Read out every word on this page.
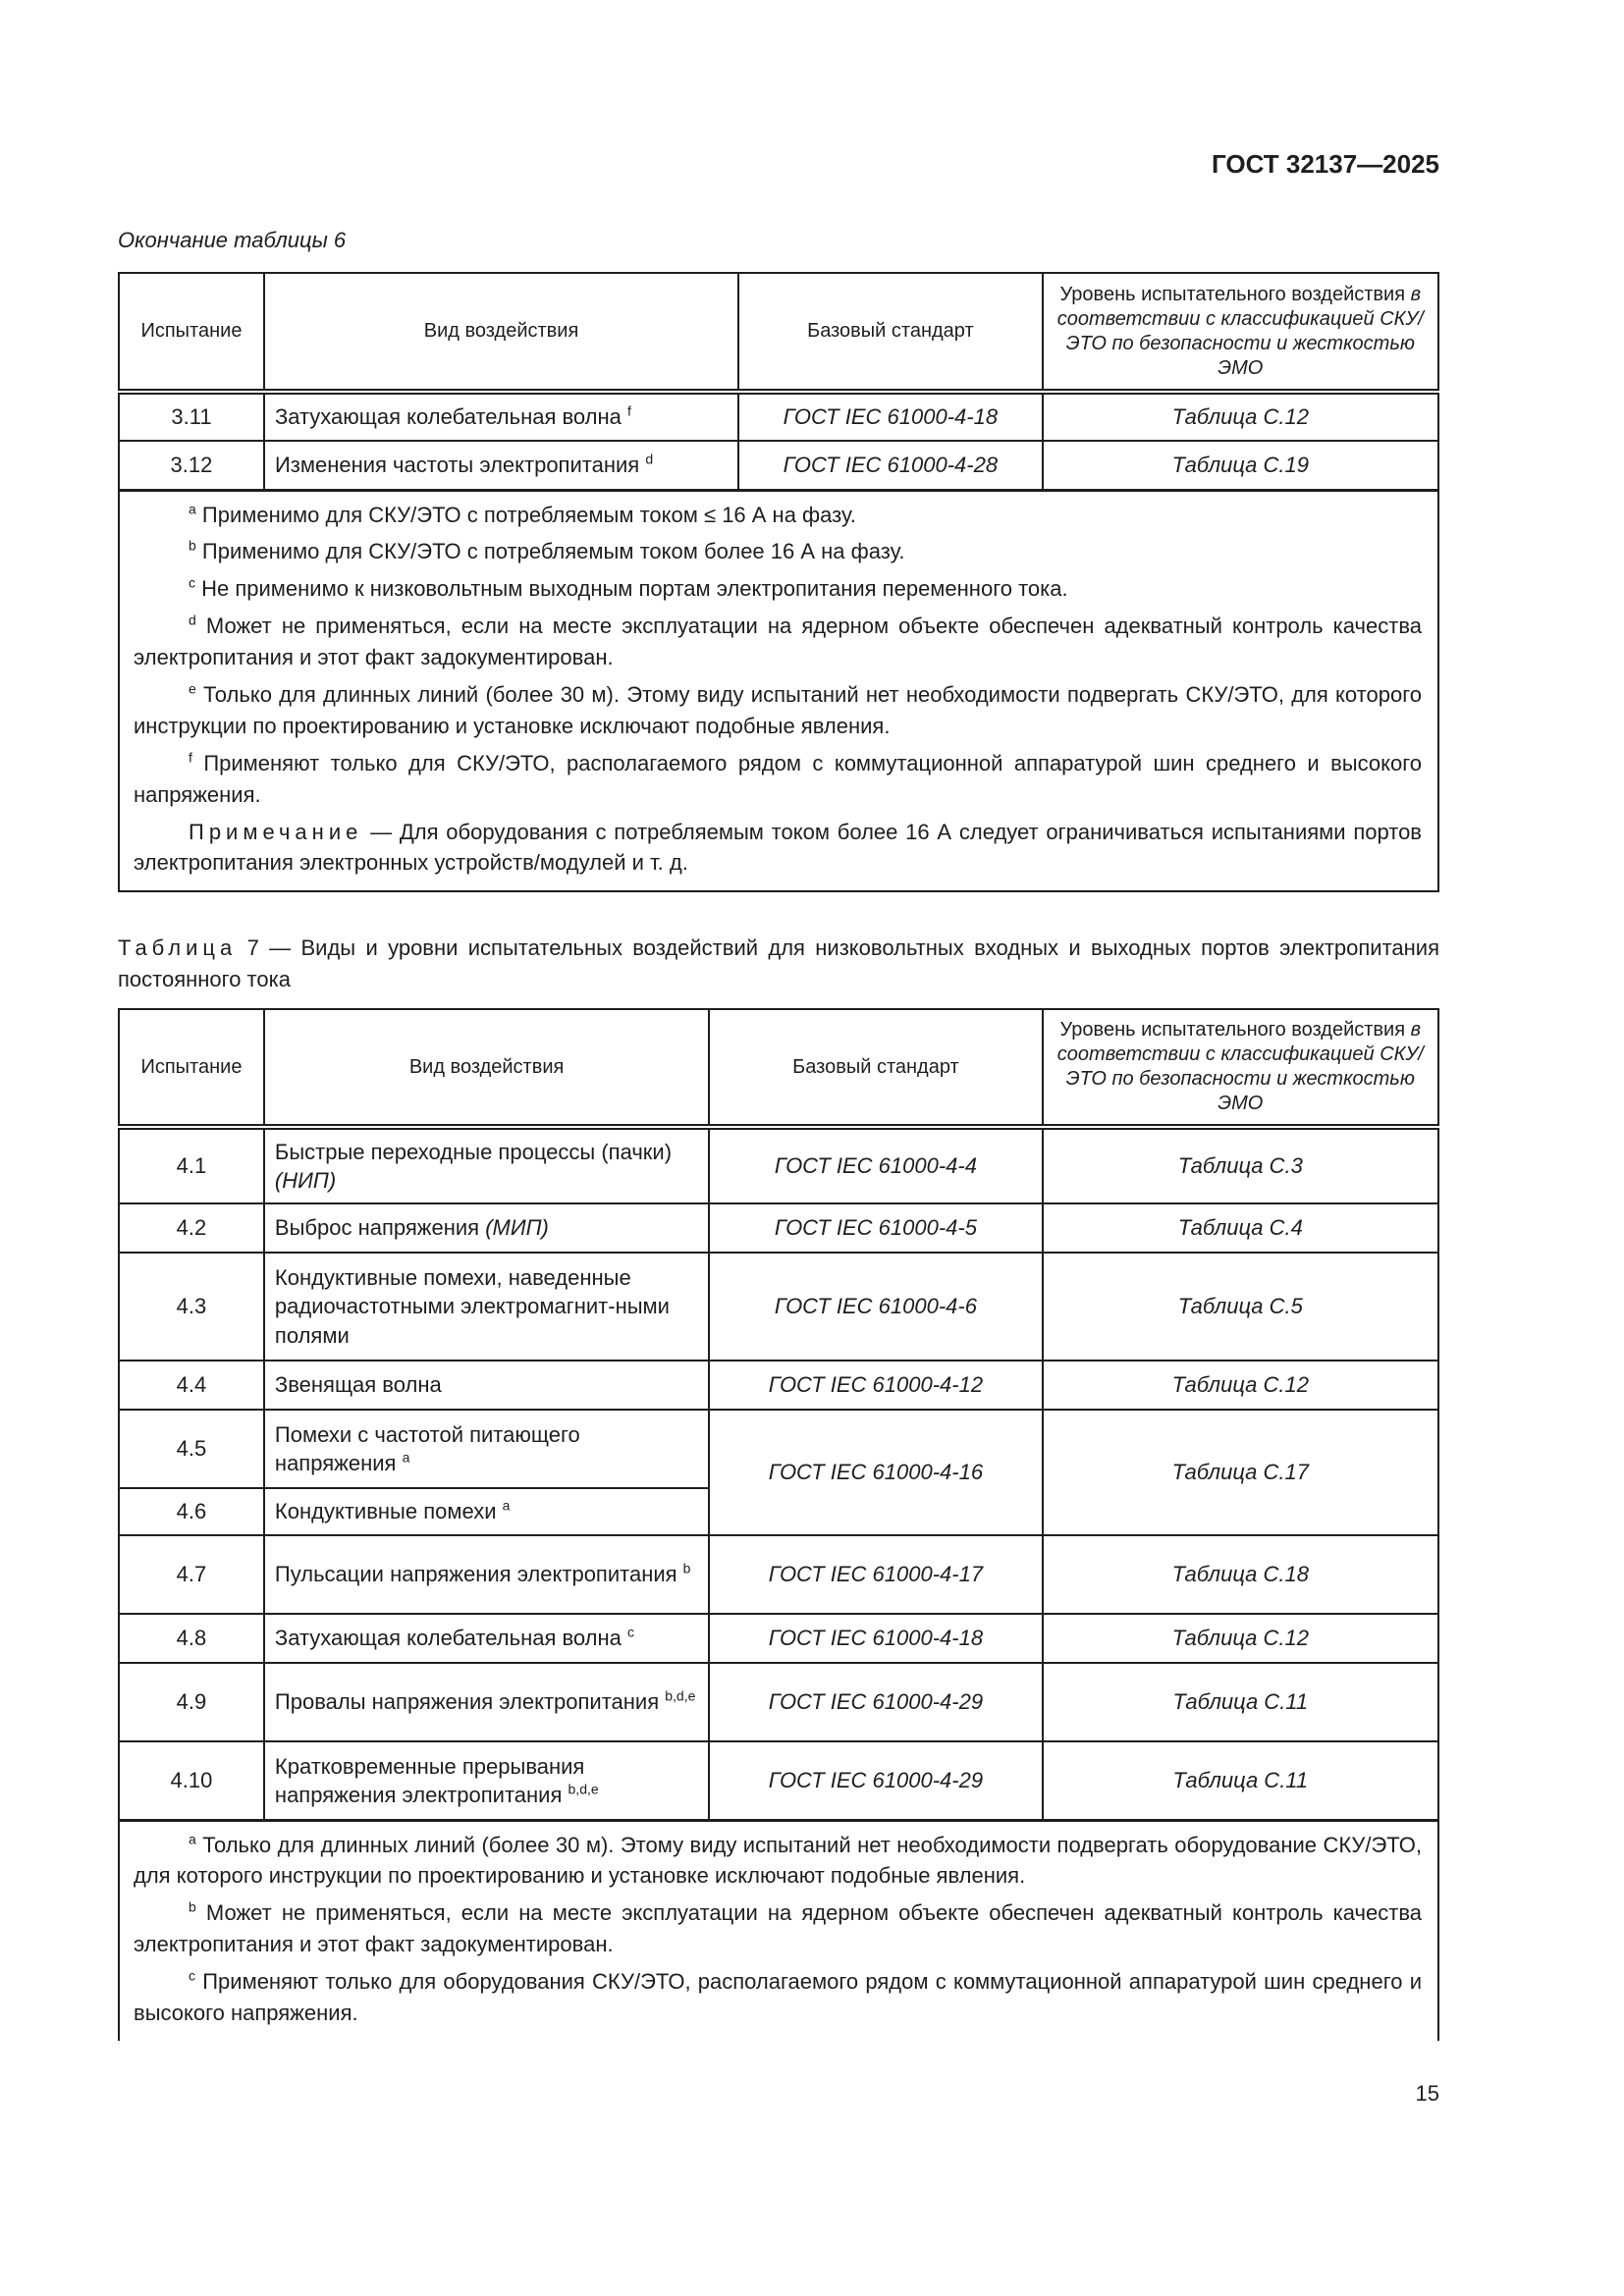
ГОСТ 32137—2025
Окончание таблицы 6
Испытание	Вид воздействия	Базовый стандарт	Уровень испытательного воздействия в соответствии с классификацией СКУ/ЭТО по безопасности и жесткостью ЭМО
3.11	Затухающая колебательная волна $^f$	ГОСТ IEC 61000-4-18	Таблица С.12
3.12	Изменения частоты электропитания $^d$	ГОСТ IEC 61000-4-28	Таблица С.19

$^a$ Применимо для СКУ/ЭТО с потребляемым током ≤ 16 А на фазу.

$^b$ Применимо для СКУ/ЭТО с потребляемым током более 16 А на фазу.

$^c$ Не применимо к низковольтным выходным портам электропитания переменного тока.

$^d$ Может не применяться, если на месте эксплуатации на ядерном объекте обеспечен адекватный контроль качества электропитания и этот факт задокументирован.

$^e$ Только для длинных линий (более 30 м). Этому виду испытаний нет необходимости подвергать СКУ/ЭТО, для которого инструкции по проектированию и установке исключают подобные явления.

$^f$ Применяют только для СКУ/ЭТО, располагаемого рядом с коммутационной аппаратурой шин среднего и высокого напряжения.

Примечание — Для оборудования с потребляемым током более 16 А следует ограничиваться испытаниями портов электропитания электронных устройств/модулей и т. д.

Таблица 7 — Виды и уровни испытательных воздействий для низковольтных входных и выходных портов электропитания постоянного тока
Испытание	Вид воздействия	Базовый стандарт	Уровень испытательного воздействия в соответствии с классификацией СКУ/ЭТО по безопасности и жесткостью ЭМО
4.1	Быстрые переходные процессы (пачки) (НИП)	ГОСТ IEC 61000-4-4	Таблица С.3
4.2	Выброс напряжения (МИП)	ГОСТ IEC 61000-4-5	Таблица С.4
4.3	Кондуктивные помехи, наведенные радиочастотными электромагнит-ными полями	ГОСТ IEC 61000-4-6	Таблица С.5
4.4	Звенящая волна	ГОСТ IEC 61000-4-12	Таблица С.12
4.5	Помехи с частотой питающего напряжения $^a$	ГОСТ IEC 61000-4-16	Таблица С.17
4.6	Кондуктивные помехи $^a$
4.7	Пульсации напряжения электропитания $^b$	ГОСТ IEC 61000-4-17	Таблица С.18
4.8	Затухающая колебательная волна $^c$	ГОСТ IEC 61000-4-18	Таблица С.12
4.9	Провалы напряжения электропитания $^{b,d,e}$	ГОСТ IEC 61000-4-29	Таблица С.11
4.10	Кратковременные прерывания напряжения электропитания $^{b,d,e}$	ГОСТ IEC 61000-4-29	Таблица С.11

$^a$ Только для длинных линий (более 30 м). Этому виду испытаний нет необходимости подвергать оборудование СКУ/ЭТО, для которого инструкции по проектированию и установке исключают подобные явления.

$^b$ Может не применяться, если на месте эксплуатации на ядерном объекте обеспечен адекватный контроль качества электропитания и этот факт задокументирован.

$^c$ Применяют только для оборудования СКУ/ЭТО, располагаемого рядом с коммутационной аппаратурой шин среднего и высокого напряжения.			

15
